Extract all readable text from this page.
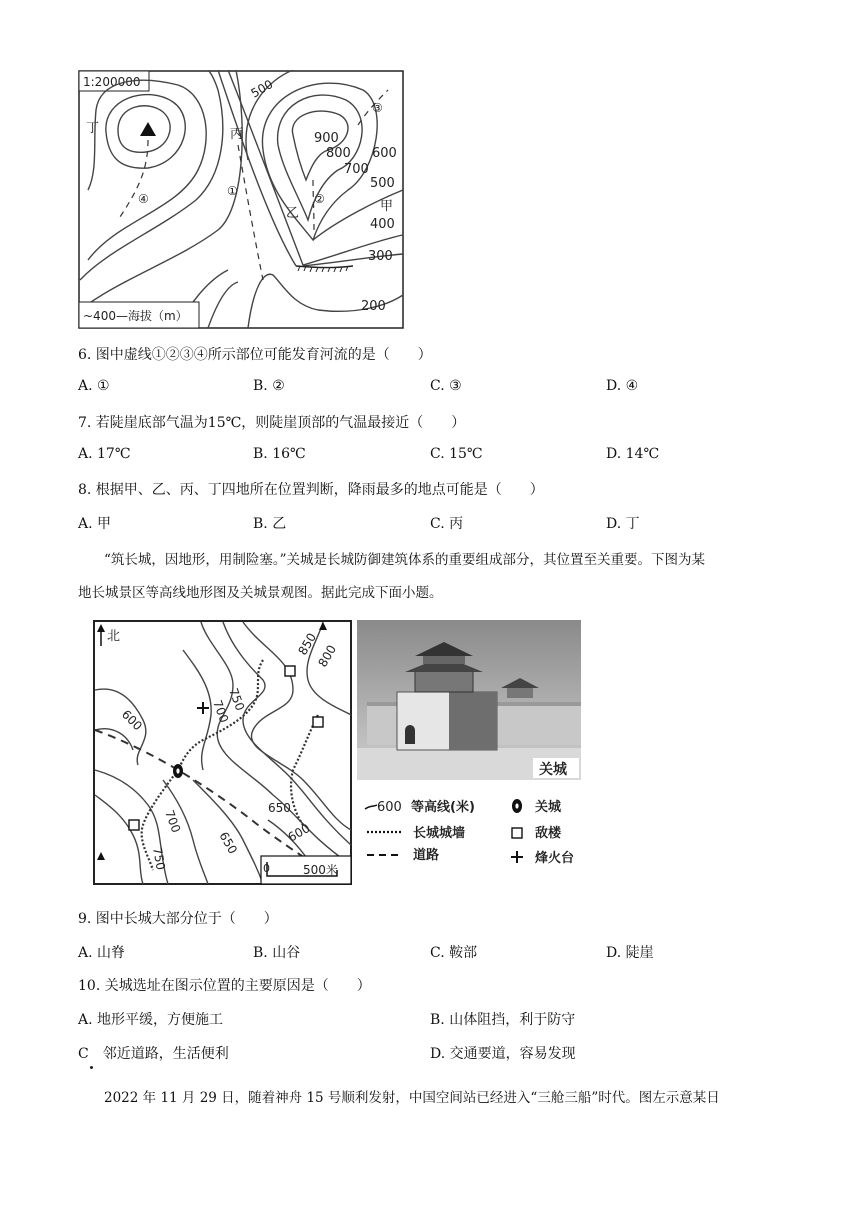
1:200000	500
900
800
700
600
500
400
300
200
丁	丙
乙	甲
①
②
③
④
~400—海拔（m）
6. 图中虚线①②③④所示部位可能发育河流的是（　　）
A. ①	B. ②	C. ③	D. ④
7. 若陡崖底部气温为15℃，则陡崖顶部的气温最接近（　　）
A. 17℃	B. 16℃	C. 15℃	D. 14℃
8. 根据甲、乙、丙、丁四地所在位置判断，降雨最多的地点可能是（　　）
A. 甲	B. 乙	C. 丙	D. 丁
“筑长城，因地形，用制险塞。”关城是长城防御建筑体系的重要组成部分，其位置至关重要。下图为某
地长城景区等高线地形图及关城景观图。据此完成下面小题。
北	850
800
750
700
600
650
600
700
650
750	0	500米
关城
600 等高线(米)
长城城墙
道路
关城
敌楼
烽火台
9. 图中长城大部分位于（　　）
A. 山脊	B. 山谷	C. 鞍部	D. 陡崖
10. 关城选址在图示位置的主要原因是（　　）
A. 地形平缓，方便施工	B. 山体阻挡，利于防守
C　邻近道路，生活便利	D. 交通要道，容易发现
2022 年 11 月 29 日，随着神舟 15 号顺利发射，中国空间站已经进入“三舱三船”时代。图左示意某日
